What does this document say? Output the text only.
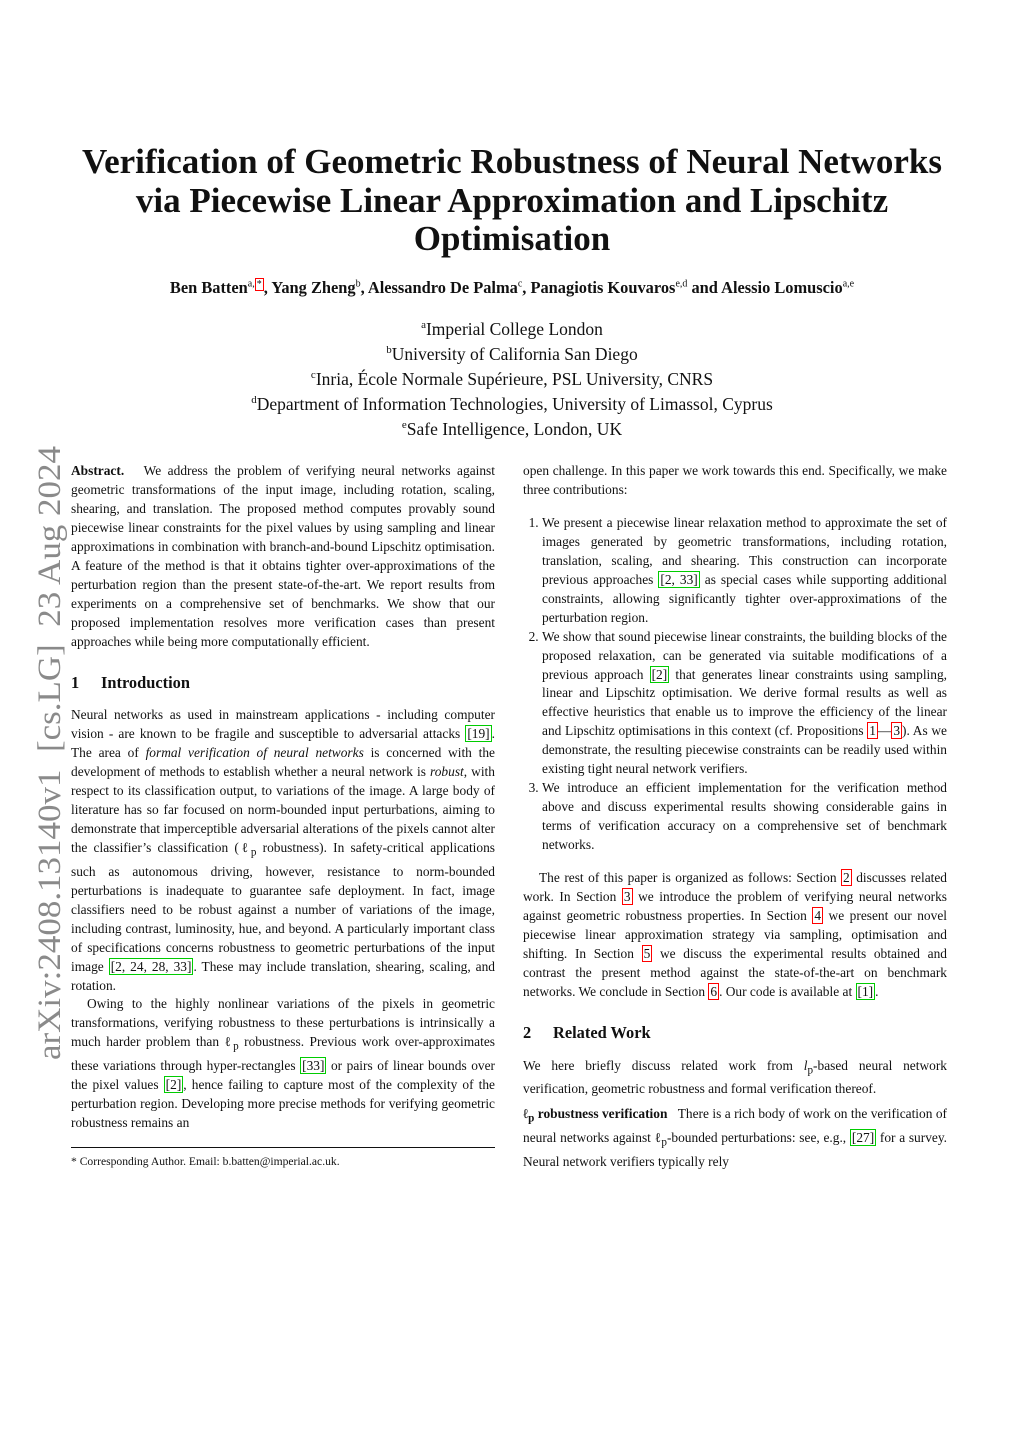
arXiv:2408.13140v1  [cs.LG]  23 Aug 2024
Verification of Geometric Robustness of Neural Networks
via Piecewise Linear Approximation and Lipschitz
Optimisation
Ben Batten$^{a, *}$ , Yang Zheng$^b$, Alessandro De Palma$^c$, Panagiotis Kouvaros$^{e,d}$ and Alessio Lomuscio$^{a,e}$
$^a$Imperial College London
$^b$University of California San Diego
$^c$Inria, École Normale Supérieure, PSL University, CNRS
$^d$Department of Information Technologies, University of Limassol, Cyprus
$^e$Safe Intelligence, London, UK

Abstract. We address the problem of verifying neural networks against geometric transformations of the input image, including rotation, scaling, shearing, and translation. The proposed method computes provably sound piecewise linear constraints for the pixel values by using sampling and linear approximations in combination with branch-and-bound Lipschitz optimisation. A feature of the method is that it obtains tighter over-approximations of the perturbation region than the present state-of-the-art. We report results from experiments on a comprehensive set of benchmarks. We show that our proposed implementation resolves more verification cases than present approaches while being more computationally efficient.

1 Introduction

Neural networks as used in mainstream applications - including computer vision - are known to be fragile and susceptible to adversarial attacks [19] . The area of formal verification of neural networks is concerned with the development of methods to establish whether a neural network is robust, with respect to its classification output, to variations of the image. A large body of literature has so far focused on norm-bounded input perturbations, aiming to demonstrate that imperceptible adversarial alterations of the pixels cannot alter the classifier’s classification (ℓ$_p$ robustness). In safety-critical applications such as autonomous driving, however, resistance to norm-bounded perturbations is inadequate to guarantee safe deployment. In fact, image classifiers need to be robust against a number of variations of the image, including contrast, luminosity, hue, and beyond. A particularly important class of specifications concerns robustness to geometric perturbations of the input image [2, 24, 28, 33] . These may include translation, shearing, scaling, and rotation.

Owing to the highly nonlinear variations of the pixels in geometric transformations, verifying robustness to these perturbations is intrinsically a much harder problem than ℓ$_p$ robustness. Previous work over-approximates these variations through hyper-rectangles [33] or pairs of linear bounds over the pixel values [2] , hence failing to capture most of the complexity of the perturbation region. Developing more precise methods for verifying geometric robustness remains an

* Corresponding Author. Email: b.batten@imperial.ac.uk.

open challenge. In this paper we work towards this end. Specifically, we make three contributions:

1. We present a piecewise linear relaxation method to approximate the set of images generated by geometric transformations, including rotation, translation, scaling, and shearing. This construction can incorporate previous approaches [2, 33] as special cases while supporting additional constraints, allowing significantly tighter over-approximations of the perturbation region.
2. We show that sound piecewise linear constraints, the building blocks of the proposed relaxation, can be generated via suitable modifications of a previous approach [2] that generates linear constraints using sampling, linear and Lipschitz optimisation. We derive formal results as well as effective heuristics that enable us to improve the efficiency of the linear and Lipschitz optimisations in this context (cf. Propositions 1 — 3 ). As we demonstrate, the resulting piecewise constraints can be readily used within existing tight neural network verifiers.
3. We introduce an efficient implementation for the verification method above and discuss experimental results showing considerable gains in terms of verification accuracy on a comprehensive set of benchmark networks.

The rest of this paper is organized as follows: Section 2 discusses related work. In Section 3 we introduce the problem of verifying neural networks against geometric robustness properties. In Section 4 we present our novel piecewise linear approximation strategy via sampling, optimisation and shifting. In Section 5 we discuss the experimental results obtained and contrast the present method against the state-of-the-art on benchmark networks. We conclude in Section 6 . Our code is available at [1] .

2 Related Work

We here briefly discuss related work from $l_p$-based neural network verification, geometric robustness and formal verification thereof.

ℓ$_p$ robustness verification There is a rich body of work on the verification of neural networks against ℓ$_p$-bounded perturbations: see, e.g., [27] for a survey. Neural network verifiers typically rely
